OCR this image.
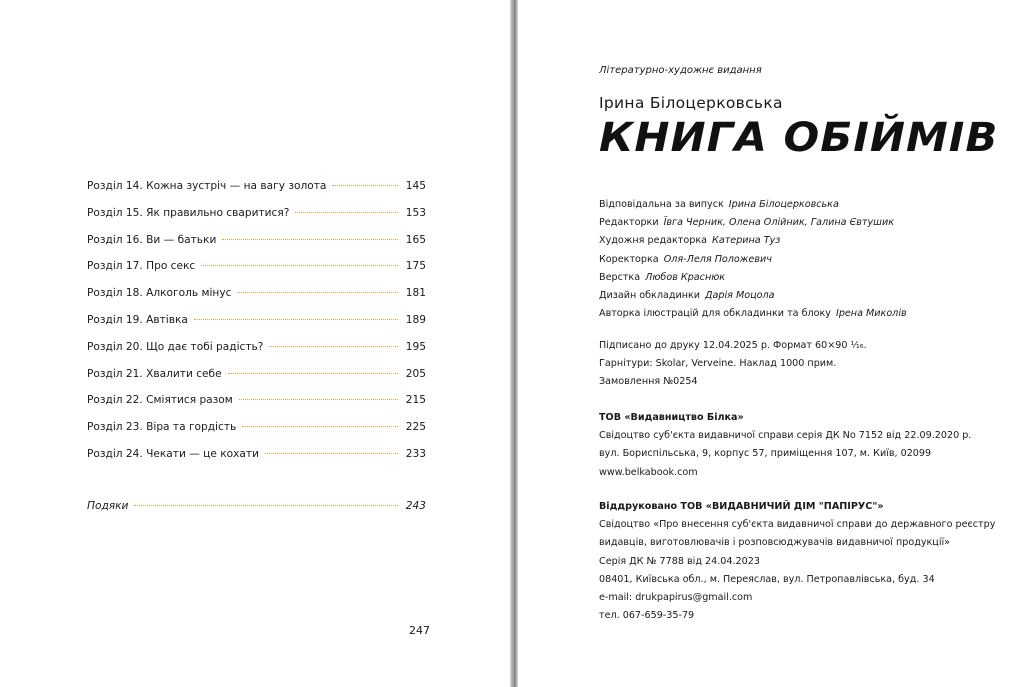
Розділ 14. Кожна зустріч — на вагу золота	145
Розділ 15. Як правильно сваритися?	153
Розділ 16. Ви — батьки	165
Розділ 17. Про секс	175
Розділ 18. Алкоголь мінус	181
Розділ 19. Автівка	189
Розділ 20. Що дає тобі радість?	195
Розділ 21. Хвалити себе	205
Розділ 22. Сміятися разом	215
Розділ 23. Віра та гордість	225
Розділ 24. Чекати — це кохати	233
Подяки	243
247
Літературно-художнє видання
Ірина Білоцерковська
КНИГА ОБІЙМІВ
Відповідальна за випуск Ірина Білоцерковська
Редакторки Ївга Черник, Олена Олійник, Галина Євтушик
Художня редакторка Катерина Туз
Коректорка Оля-Леля Положевич
Верстка Любов Краснюк
Дизайн обкладинки Дарія Моцола
Авторка ілюстрацій для обкладинки та блоку Ірена Миколів
Підписано до друку 12.04.2025 р. Формат 60×90 ¹⁄₁₆.
Гарнітури: Skolar, Verveine. Наклад 1000 прим.
Замовлення №0254
ТОВ «Видавництво Білка»
Свідоцтво суб'єкта видавничої справи серія ДК No 7152 від 22.09.2020 р.
вул. Бориспільська, 9, корпус 57, приміщення 107, м. Київ, 02099
www.belkabook.com
Віддруковано ТОВ «ВИДАВНИЧИЙ ДІМ "ПАПІРУС"»
Свідоцтво «Про внесення суб'єкта видавничої справи до державного реєстру
видавців, виготовлювачів і розповсюджувачів видавничої продукції»
Серія ДК № 7788 від 24.04.2023
08401, Київська обл., м. Переяслав, вул. Петропавлівська, буд. 34
e-mail: drukpapirus@gmail.com
тел. 067-659-35-79
